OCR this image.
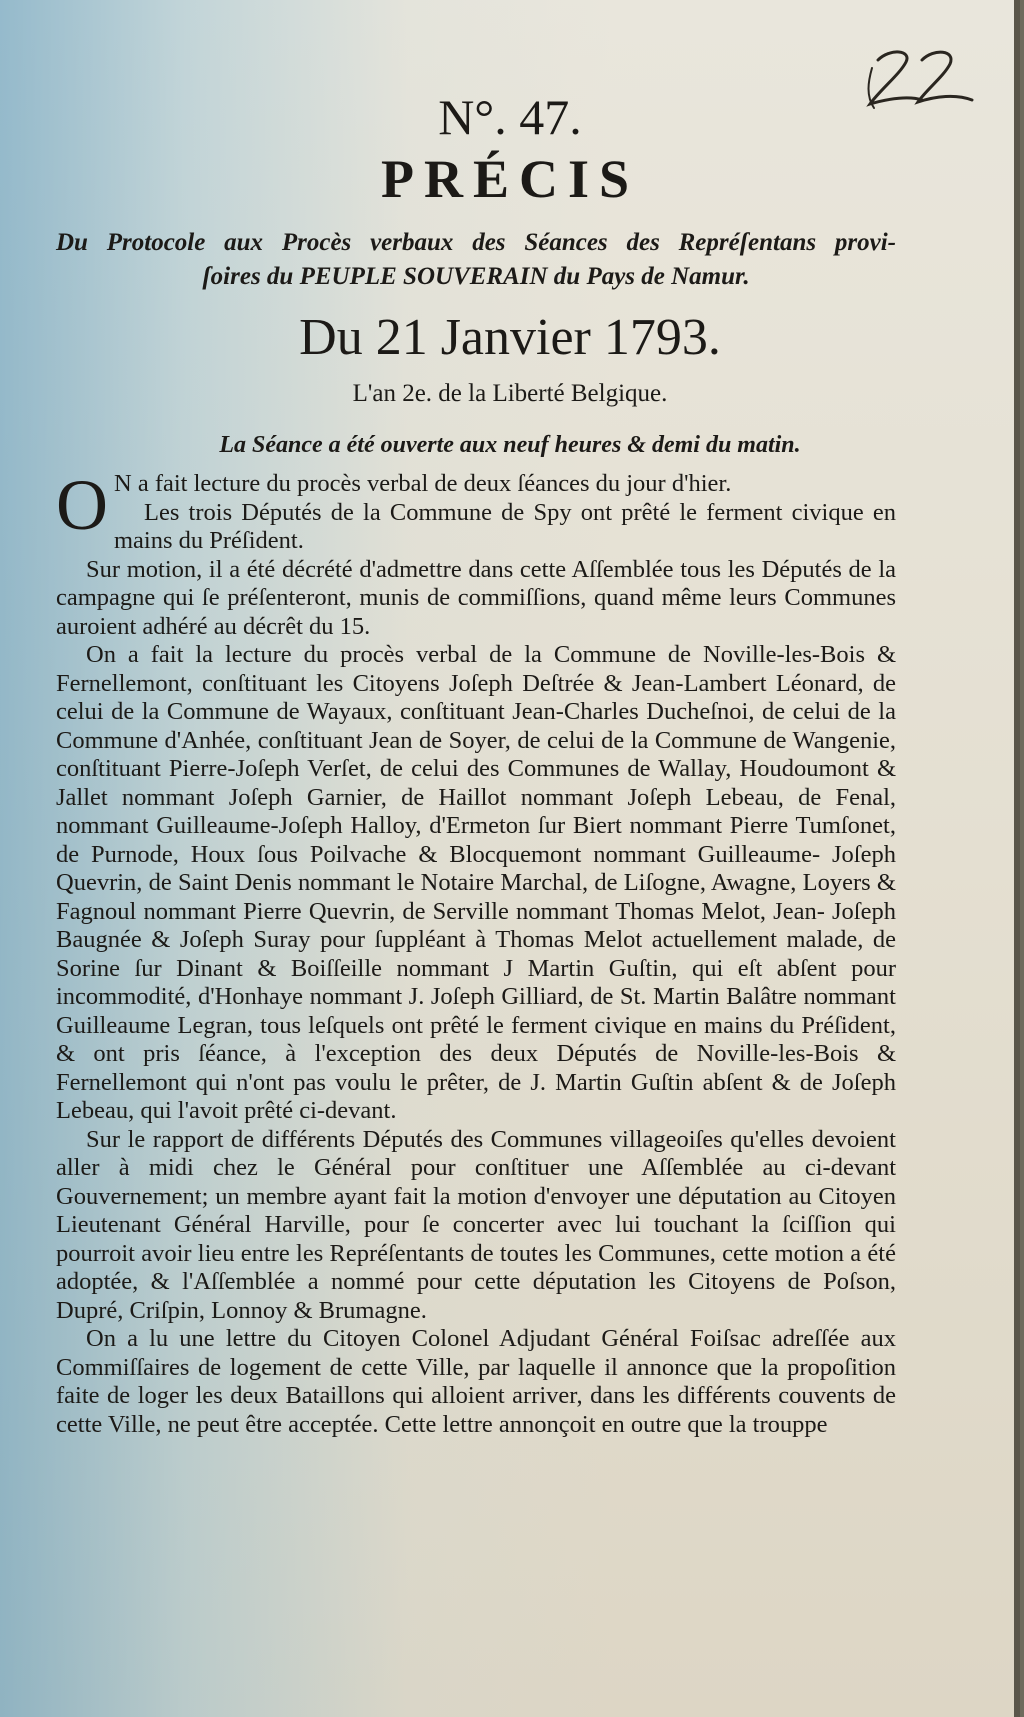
N°. 47.
PRÉCIS
Du Protocole aux Procès verbaux des Séances des Repréſentans provi-
ſoires du PEUPLE SOUVERAIN du Pays de Namur.
Du 21 Janvier 1793.
L'an 2e. de la Liberté Belgique.
La Séance a été ouverte aux neuf heures & demi du matin.

O N a fait lecture du procès verbal de deux ſéances du jour d'hier.

Les trois Députés de la Commune de Spy ont prêté le ferment civique en mains du Préſident.

Sur motion, il a été décrété d'admettre dans cette Aſſemblée tous les Députés de la campagne qui ſe préſenteront, munis de commiſſions, quand même leurs Communes auroient adhéré au décrêt du 15.

On a fait la lecture du procès verbal de la Commune de Noville-les-Bois & Fernellemont, conſtituant les Citoyens Joſeph Deſtrée & Jean-Lambert Léonard, de celui de la Commune de Wayaux, conſtituant Jean-Charles Ducheſnoi, de celui de la Commune d'Anhée, conſtituant Jean de Soyer, de celui de la Commune de Wangenie, conſtituant Pierre-Joſeph Verſet, de celui des Communes de Wallay, Houdoumont & Jallet nommant Joſeph Garnier, de Haillot nommant Joſeph Lebeau, de Fenal, nommant Guilleaume-Joſeph Halloy, d'Ermeton ſur Biert nommant Pierre Tumſonet, de Purnode, Houx ſous Poilvache & Blocquemont nommant Guilleaume- Joſeph Quevrin, de Saint Denis nommant le Notaire Marchal, de Liſogne, Awagne, Loyers & Fagnoul nommant Pierre Quevrin, de Serville nommant Thomas Melot, Jean- Joſeph Baugnée & Joſeph Suray pour ſuppléant à Thomas Melot actuellement malade, de Sorine ſur Dinant & Boiſſeille nommant J Martin Guſtin, qui eſt abſent pour incommodité, d'Honhaye nommant J. Joſeph Gilliard, de St. Martin Balâtre nommant Guilleaume Legran, tous leſquels ont prêté le ferment civique en mains du Préſident, & ont pris ſéance, à l'exception des deux Députés de Noville-les-Bois & Fernellemont qui n'ont pas voulu le prêter, de J. Martin Guſtin abſent & de Joſeph Lebeau, qui l'avoit prêté ci-devant.

Sur le rapport de différents Députés des Communes villageoiſes qu'elles devoient aller à midi chez le Général pour conſtituer une Aſſemblée au ci-devant Gouvernement; un membre ayant fait la motion d'envoyer une députation au Citoyen Lieutenant Général Harville, pour ſe concerter avec lui touchant la ſciſſion qui pourroit avoir lieu entre les Repréſentants de toutes les Communes, cette motion a été adoptée, & l'Aſſemblée a nommé pour cette députation les Citoyens de Poſson, Dupré, Criſpin, Lonnoy & Brumagne.

On a lu une lettre du Citoyen Colonel Adjudant Général Foiſsac adreſſée aux Commiſſaires de logement de cette Ville, par laquelle il annonce que la propoſition faite de loger les deux Bataillons qui alloient arriver, dans les différents couvents de cette Ville, ne peut être acceptée. Cette lettre annonçoit en outre que la trouppe
